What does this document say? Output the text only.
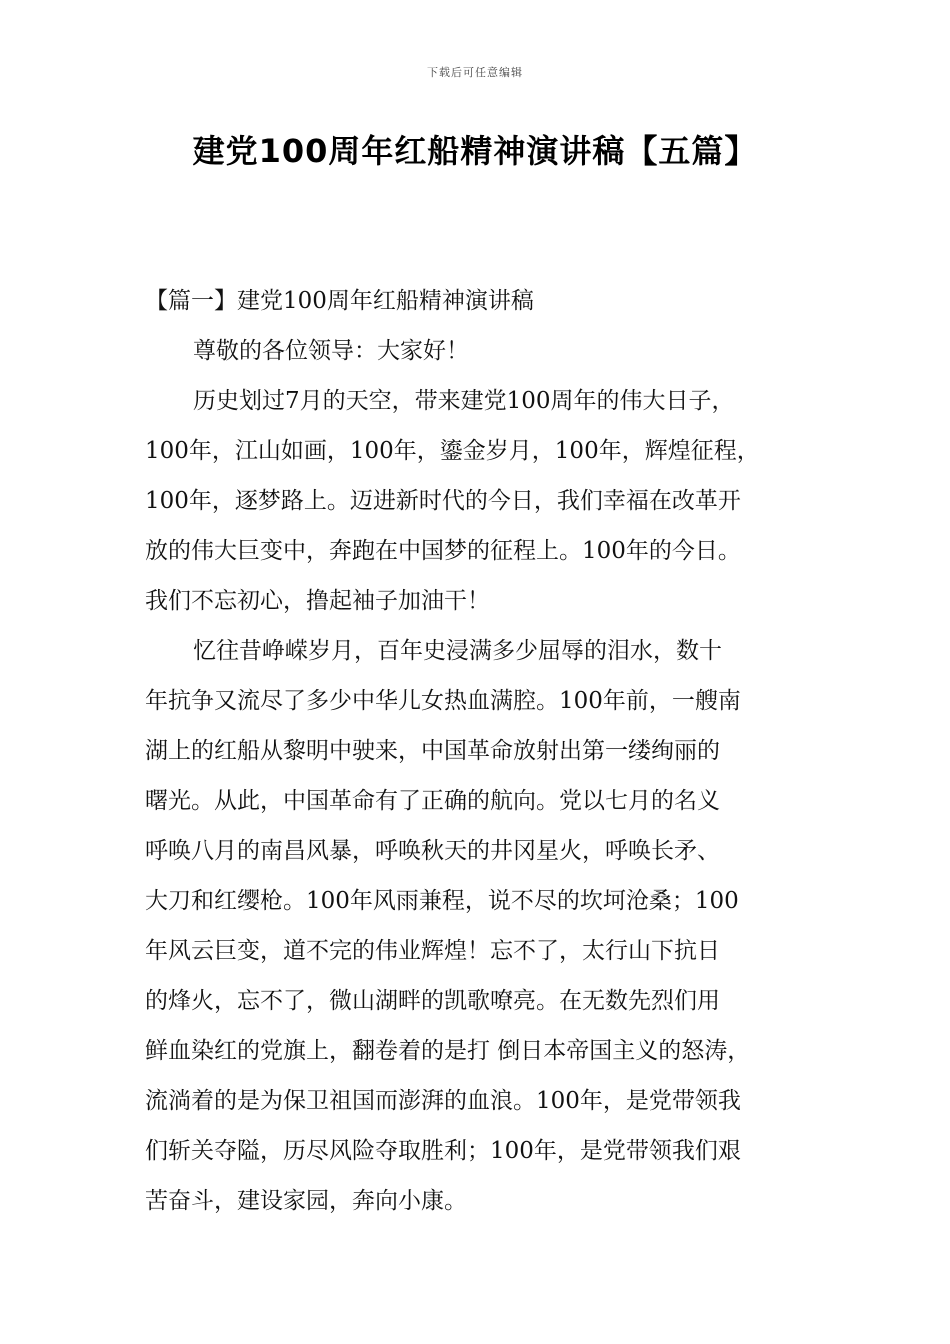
下载后可任意编辑
建党100周年红船精神演讲稿【五篇】
【篇一】建党100周年红船精神演讲稿
尊敬的各位领导：大家好！
历史划过7月的天空，带来建党100周年的伟大日子，
100年，江山如画，100年，鎏金岁月，100年，辉煌征程，
100年，逐梦路上。迈进新时代的今日，我们幸福在改革开
放的伟大巨变中，奔跑在中国梦的征程上。100年的今日。
我们不忘初心，撸起袖子加油干！
忆往昔峥嵘岁月，百年史浸满多少屈辱的泪水，数十
年抗争又流尽了多少中华儿女热血满腔。100年前，一艘南
湖上的红船从黎明中驶来，中国革命放射出第一缕绚丽的
曙光。从此，中国革命有了正确的航向。党以七月的名义
呼唤八月的南昌风暴，呼唤秋天的井冈星火，呼唤长矛、
大刀和红缨枪。100年风雨兼程，说不尽的坎坷沧桑；100
年风云巨变，道不完的伟业辉煌！忘不了，太行山下抗日
的烽火，忘不了，微山湖畔的凯歌嘹亮。在无数先烈们用
鲜血染红的党旗上，翻卷着的是打 倒日本帝国主义的怒涛，
流淌着的是为保卫祖国而澎湃的血浪。100年，是党带领我
们斩关夺隘，历尽风险夺取胜利；100年，是党带领我们艰
苦奋斗，建设家园，奔向小康。
